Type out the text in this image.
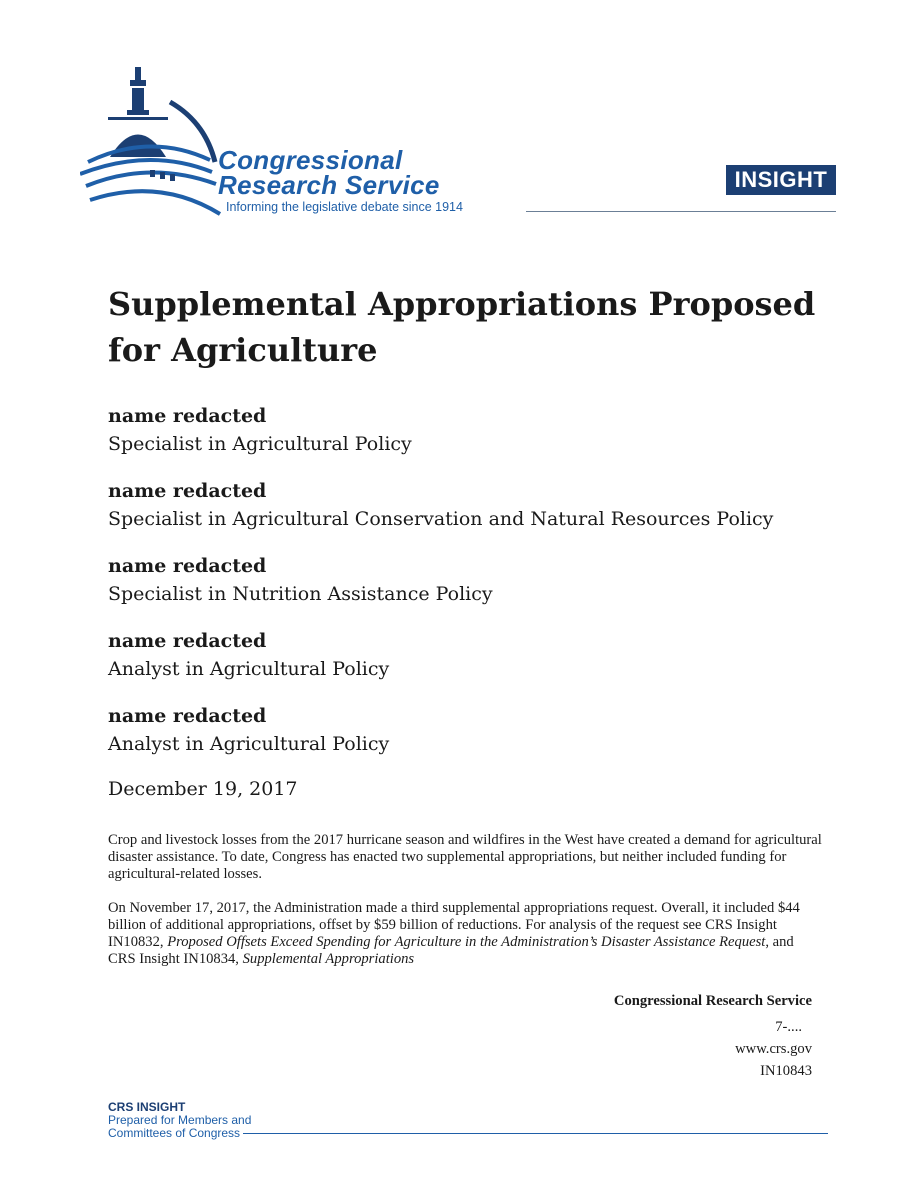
Congressional
Research Service
Informing the legislative debate since 1914
INSIGHT
Supplemental Appropriations Proposed for Agriculture
name redacted
Specialist in Agricultural Policy
name redacted
Specialist in Agricultural Conservation and Natural Resources Policy
name redacted
Specialist in Nutrition Assistance Policy
name redacted
Analyst in Agricultural Policy
name redacted
Analyst in Agricultural Policy
December 19, 2017

Crop and livestock losses from the 2017 hurricane season and wildfires in the West have created a demand for agricultural disaster assistance. To date, Congress has enacted two supplemental appropriations, but neither included funding for agricultural-related losses.

On November 17, 2017, the Administration made a third supplemental appropriations request. Overall, it included $44 billion of additional appropriations, offset by $59 billion of reductions. For analysis of the request see CRS Insight IN10832, Proposed Offsets Exceed Spending for Agriculture in the Administration’s Disaster Assistance Request, and CRS Insight IN10834, Supplemental Appropriations

Congressional Research Service
7-....
www.crs.gov
IN10843
CRS INSIGHT
Prepared for Members and
Committees of Congress
